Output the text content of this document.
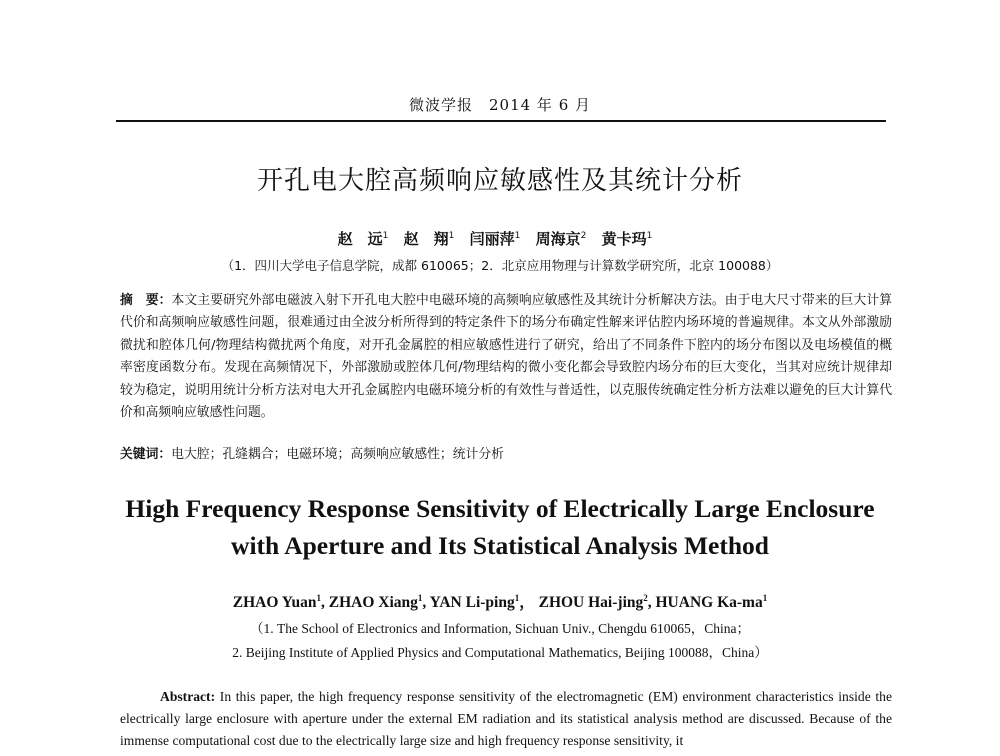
微波学报　2014 年 6 月
开孔电大腔高频响应敏感性及其统计分析
赵　远$^1$ 赵　翔$^1$ 闫丽萍$^1$ 周海京$^2$ 黄卡玛$^1$
（1．四川大学电子信息学院，成都 610065；2．北京应用物理与计算数学研究所，北京 100088）
摘　要：本文主要研究外部电磁波入射下开孔电大腔中电磁环境的高频响应敏感性及其统计分析解决方法。由于电大尺寸带来的巨大计算代价和高频响应敏感性问题，很难通过由全波分析所得到的特定条件下的场分布确定性解来评估腔内场环境的普遍规律。本文从外部激励微扰和腔体几何/物理结构微扰两个角度，对开孔金属腔的相应敏感性进行了研究，给出了不同条件下腔内的场分布图以及电场模值的概率密度函数分布。发现在高频情况下，外部激励或腔体几何/物理结构的微小变化都会导致腔内场分布的巨大变化，当其对应统计规律却较为稳定，说明用统计分析方法对电大开孔金属腔内电磁环境分析的有效性与普适性，以克服传统确定性分析方法难以避免的巨大计算代价和高频响应敏感性问题。
关键词：电大腔；孔缝耦合；电磁环境；高频响应敏感性；统计分析
High Frequency Response Sensitivity of Electrically Large Enclosure
with Aperture and Its Statistical Analysis Method
ZHAO Yuan$^1$, ZHAO Xiang$^1$, YAN Li-ping$^1$， ZHOU Hai-jing$^2$, HUANG $Ka-ma^1$
（1. The School of Electronics and Information, Sichuan Univ., Chengdu 610065，China；
2. Beijing Institute of Applied Physics and Computational Mathematics, Beijing 100088，China）
Abstract: In this paper, the high frequency response sensitivity of the electromagnetic (EM) environment characteristics inside the electrically large enclosure with aperture under the external EM radiation and its statistical analysis method are discussed. Because of the immense computational cost due to the electrically large size and high frequency response sensitivity, it
